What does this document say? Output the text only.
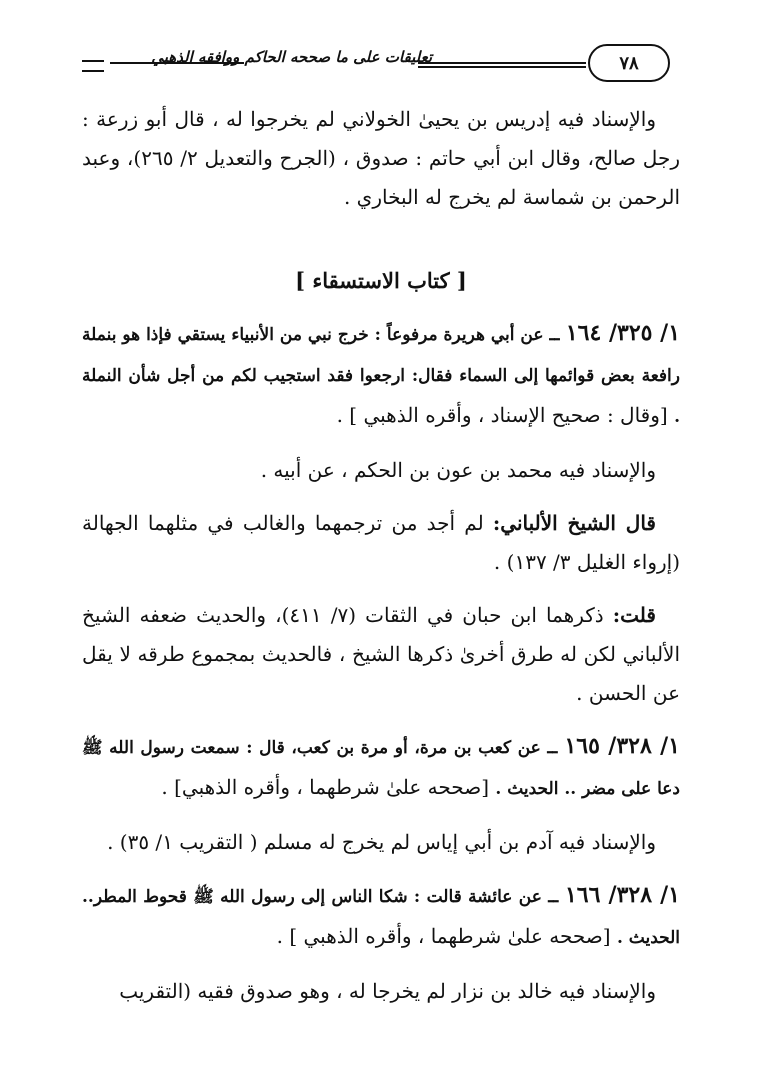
تعليقات على ما صححه الحاكم ووافقه الذهبي	٧٨

والإسناد فيه إدريس بن يحيىٰ الخولاني لم يخرجوا له ، قال أبو زرعة : رجل صالح، وقال ابن أبي حاتم : صدوق ، (الجرح والتعديل ٢/ ٢٦٥)، وعبد الرحمن بن شماسة لم يخرج له البخاري .

[ كتاب الاستسقاء ]

١/ ٣٢٥/ ١٦٤ ــ عن أبي هريرة مرفوعاً : خرج نبي من الأنبياء يستقي فإذا هو بنملة رافعة بعض قوائمها إلى السماء فقال: ارجعوا فقد استجيب لكم من أجل شأن النملة . [وقال : صحيح الإسناد ، وأقره الذهبي ] .

والإسناد فيه محمد بن عون بن الحكم ، عن أبيه .

قال الشيخ الألباني: لم أجد من ترجمهما والغالب في مثلهما الجهالة (إرواء الغليل ٣/ ١٣٧) .

قلت: ذكرهما ابن حبان في الثقات (٧/ ٤١١)، والحديث ضعفه الشيخ الألباني لكن له طرق أخرىٰ ذكرها الشيخ ، فالحديث بمجموع طرقه لا يقل عن الحسن .

١/ ٣٢٨/ ١٦٥ ــ عن كعب بن مرة، أو مرة بن كعب، قال : سمعت رسول الله ﷺ دعا على مضر .. الحديث . [صححه علىٰ شرطهما ، وأقره الذهبي] .

والإسناد فيه آدم بن أبي إياس لم يخرج له مسلم ( التقريب ١/ ٣٥) .

١/ ٣٢٨/ ١٦٦ ــ عن عائشة قالت : شكا الناس إلى رسول الله ﷺ قحوط المطر.. الحديث . [صححه علىٰ شرطهما ، وأقره الذهبي ] .

والإسناد فيه خالد بن نزار لم يخرجا له ، وهو صدوق فقيه (التقريب
